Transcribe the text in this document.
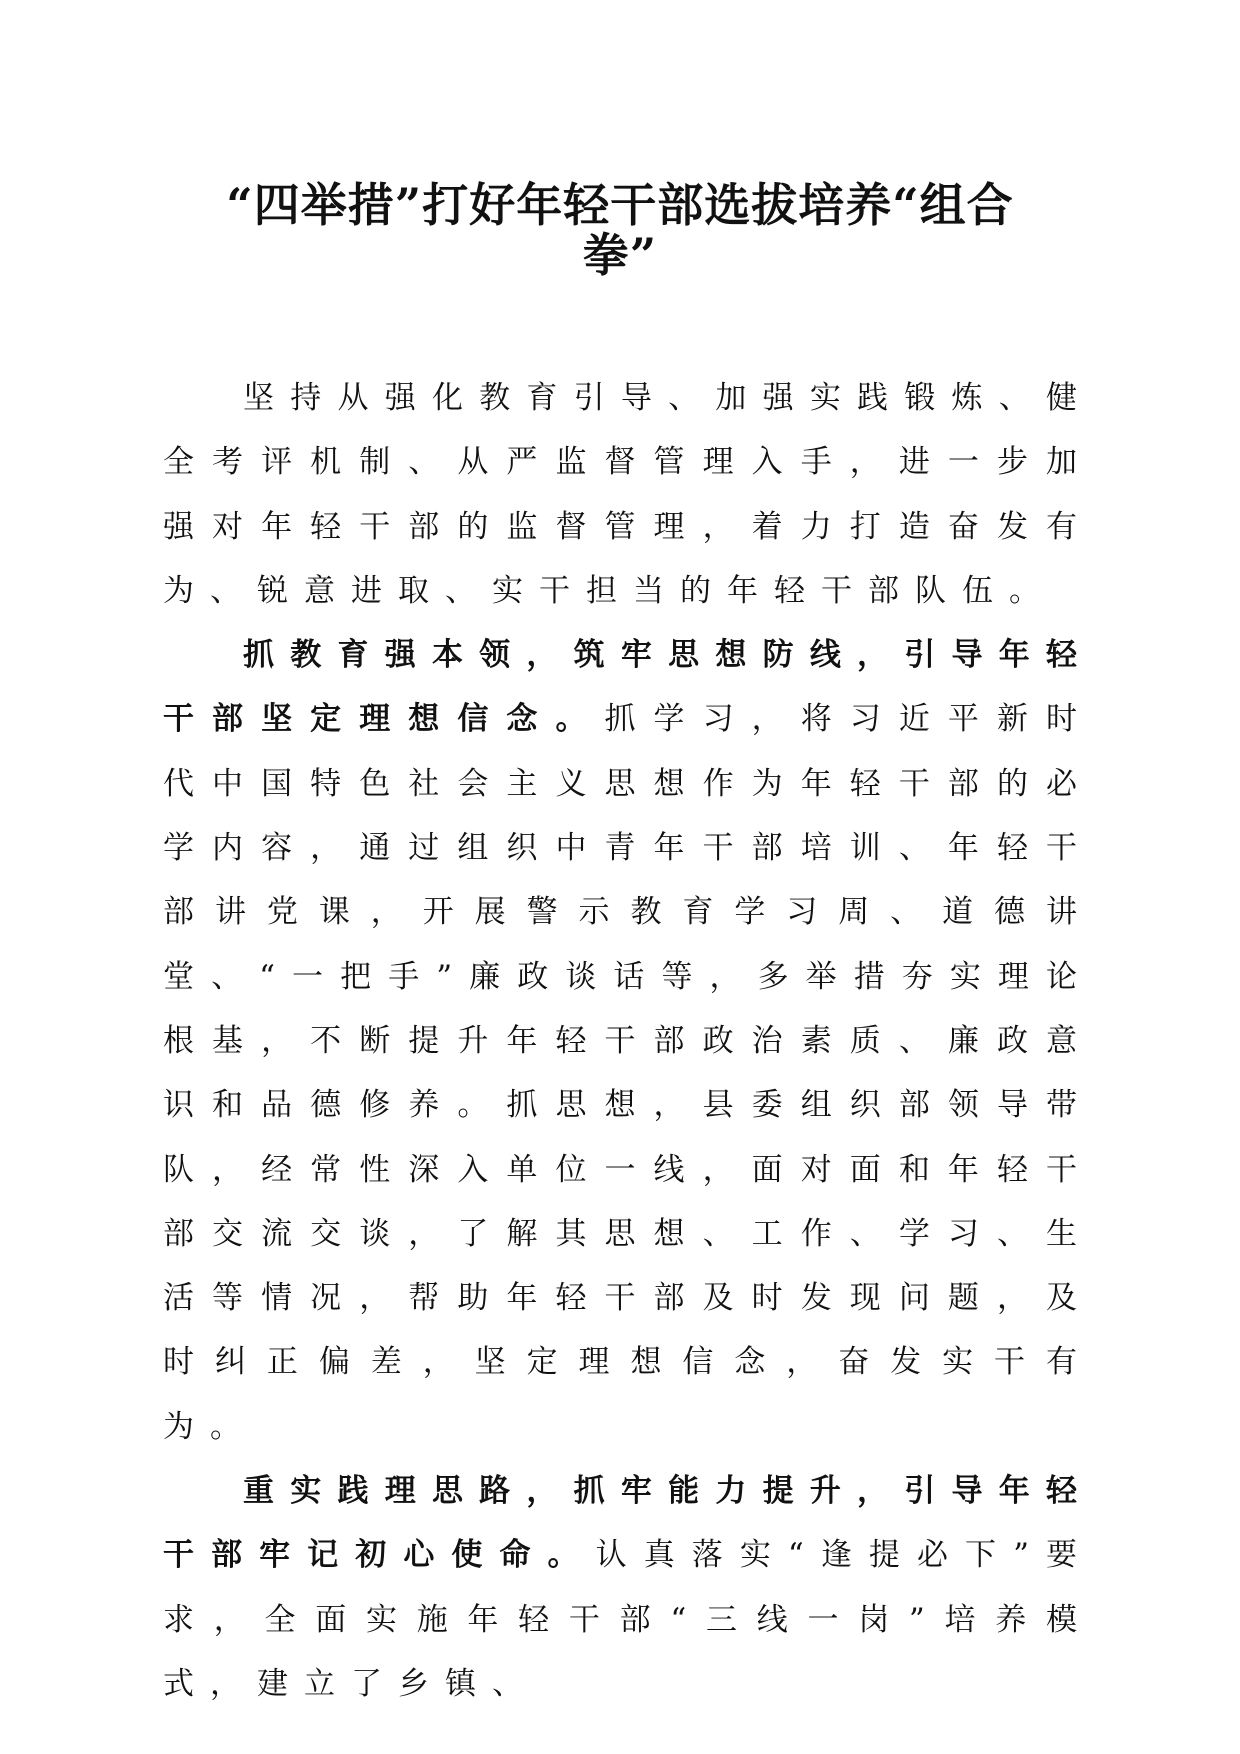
“四举措”打好年轻干部选拔培养“组合拳”

坚持从强化教育引导、加强实践锻炼、健全考评机制、从严监督管理入手，进一步加强对年轻干部的监督管理，着力打造奋发有为、锐意进取、实干担当的年轻干部队伍。

抓教育强本领，筑牢思想防线，引导年轻干部坚定理想信念。抓学习，将习近平新时代中国特色社会主义思想作为年轻干部的必学内容，通过组织中青年干部培训、年轻干部讲党课，开展警示教育学习周、道德讲堂、“一把手”廉政谈话等，多举措夯实理论根基，不断提升年轻干部政治素质、廉政意识和品德修养。抓思想，县委组织部领导带队，经常性深入单位一线，面对面和年轻干部交流交谈，了解其思想、工作、学习、生活等情况，帮助年轻干部及时发现问题，及时纠正偏差，坚定理想信念，奋发实干有为。

重实践理思路，抓牢能力提升，引导年轻干部牢记初心使命。认真落实“逢提必下”要求，全面实施年轻干部“三线一岗”培养模式，建立了乡镇、
